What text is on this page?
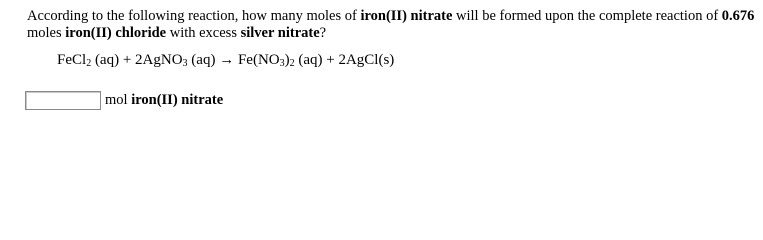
According to the following reaction, how many moles of iron(II) nitrate will be formed upon the complete reaction of 0.676 moles iron(II) chloride with excess silver nitrate?
FeCl$_2$ (aq) + 2AgNO$_3$ $(aq) \to Fe(NO_3)_2$ (aq) + 2AgCl(s)
mol iron(II) nitrate
